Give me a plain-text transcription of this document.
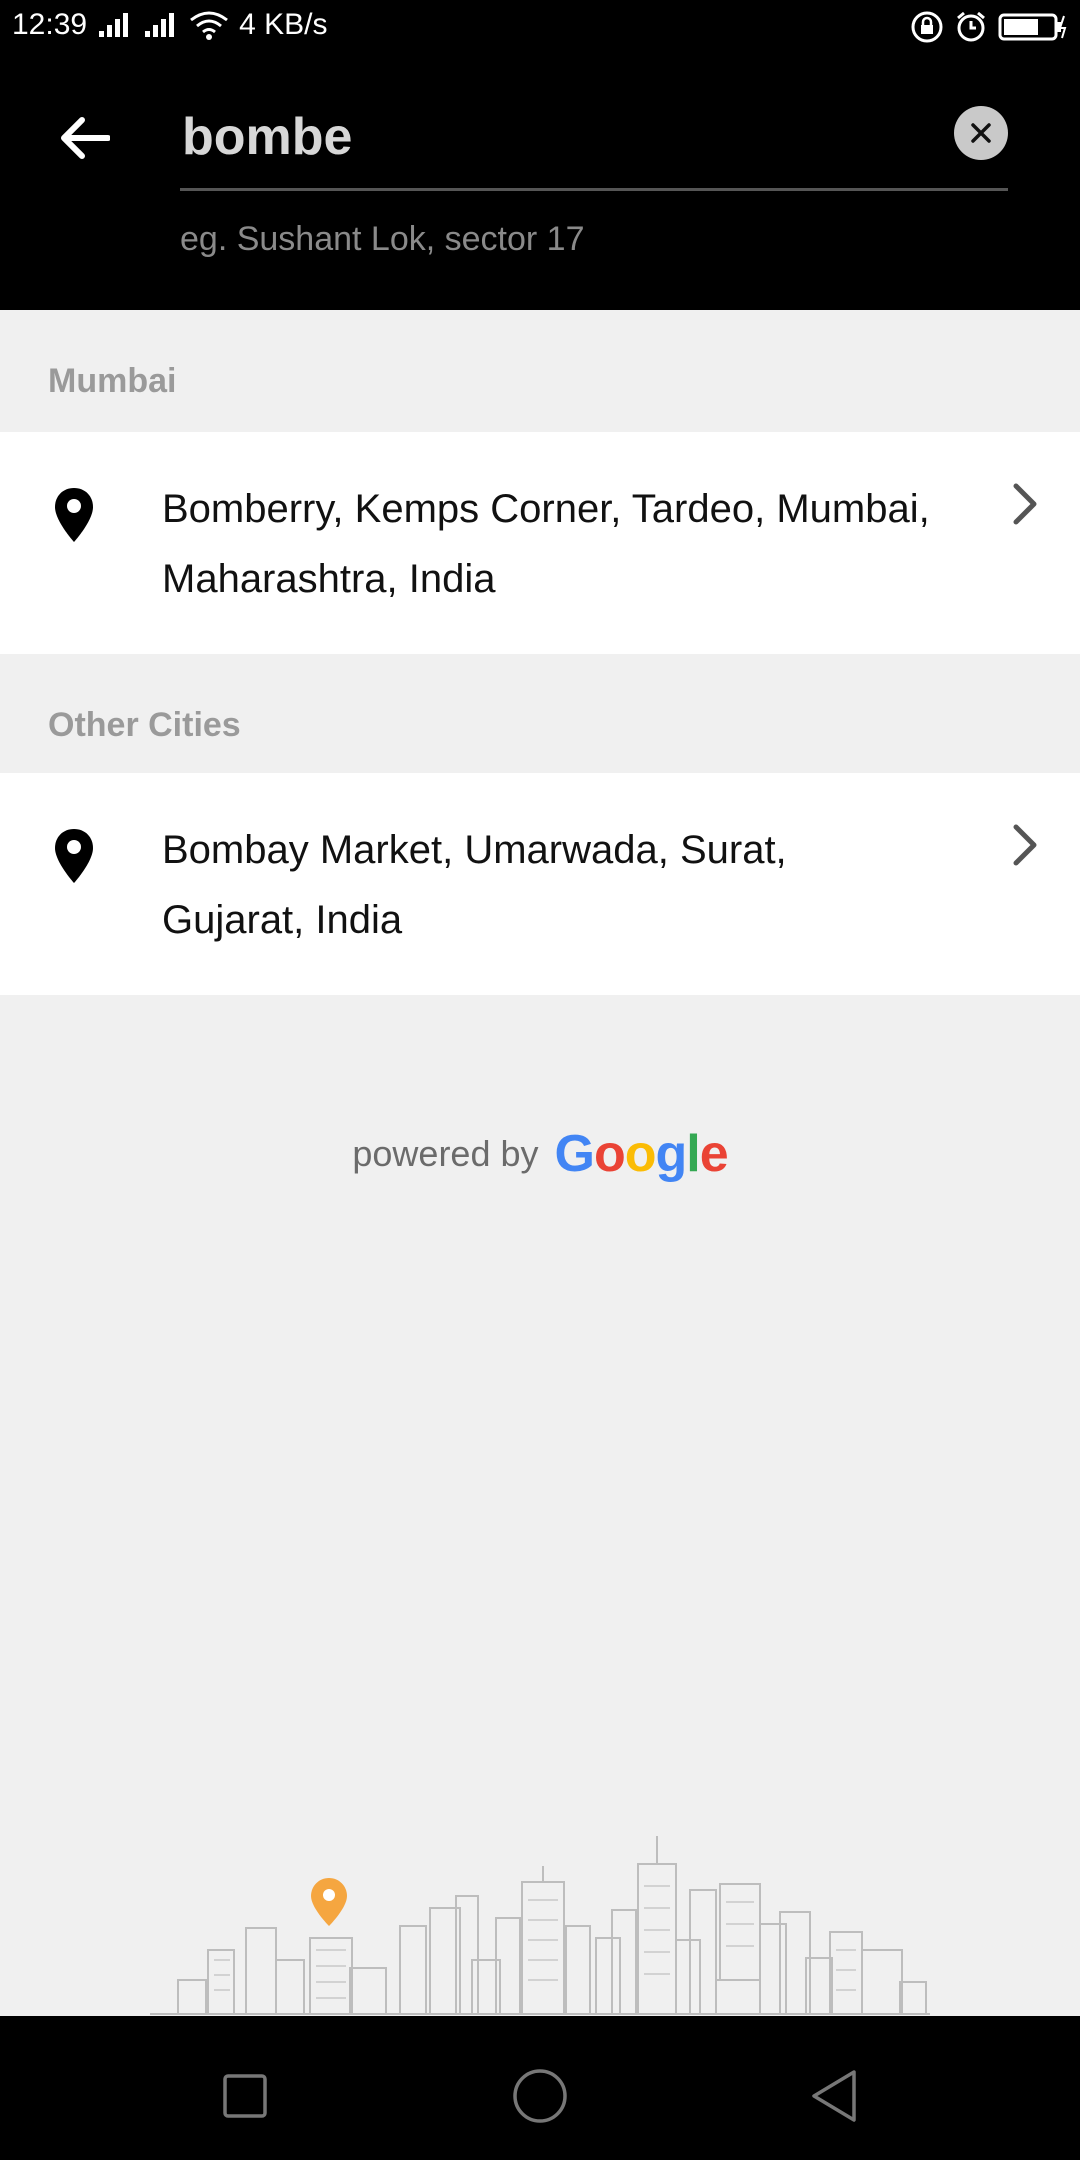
12:39	4 KB/s
bombe
eg. Sushant Lok, sector 17
Mumbai
Bomberry, Kemps Corner, Tardeo, Mumbai,
Maharashtra, India
Other Cities
Bombay Market, Umarwada, Surat,
Gujarat, India
powered by Google
